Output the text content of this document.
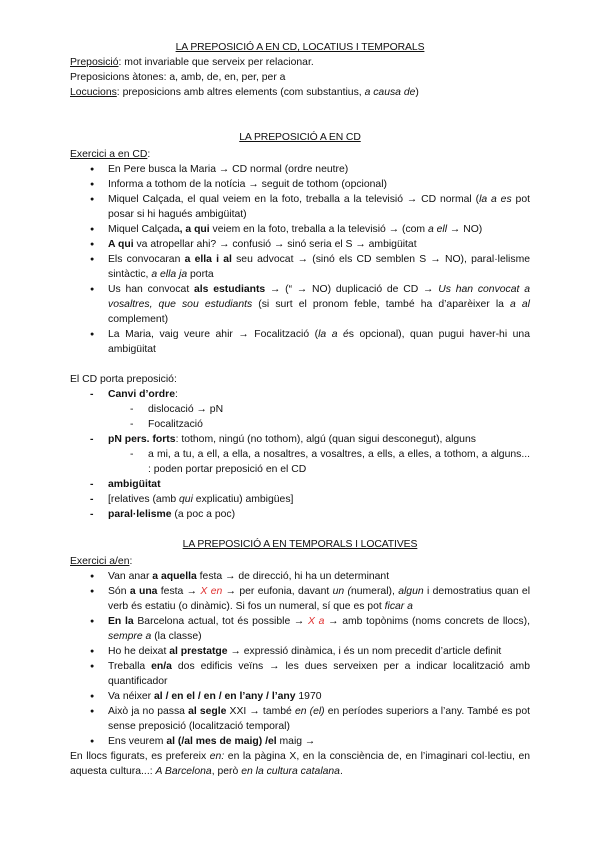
LA PREPOSICIÓ A EN CD, LOCATIUS I TEMPORALS
Preposició: mot invariable que serveix per relacionar.
Preposicions àtones: a, amb, de, en, per, per a
Locucions: preposicions amb altres elements (com substantius, a causa de)
LA PREPOSICIÓ A EN CD
Exercici a en CD:
● En Pere busca la Maria → CD normal (ordre neutre)
● Informa a tothom de la notícia → seguit de tothom (opcional)
● Miquel Calçada, el qual veiem en la foto, treballa a la televisió → CD normal (la a es pot posar si hi hagués ambigüitat)
● Miquel Calçada, a qui veiem en la foto, treballa a la televisió → (com a ell → NO)
● A qui va atropellar ahi? → confusió → sinó seria el S → ambigüitat
● Els convocaran a ella i al seu advocat → (sinó els CD semblen S → NO), paral·lelisme sintàctic, a ella ja porta
● Us han convocat als estudiants → (“ → NO) duplicació de CD → Us han convocat a vosaltres, que sou estudiants (si surt el pronom feble, també ha d’aparèixer la a al complement)
● La Maria, vaig veure ahir → Focalització (la a és opcional), quan pugui haver-hi una ambigüitat
El CD porta preposició:
- Canvi d’ordre:
- dislocació → pN
- Focalització
- pN pers. forts: tothom, ningú (no tothom), algú (quan sigui desconegut), alguns
- a mi, a tu, a ell, a ella, a nosaltres, a vosaltres, a ells, a elles, a tothom, a alguns... : poden portar preposició en el CD
- ambigüitat
- [relatives (amb qui explicatiu) ambigües]
- paral·lelisme (a poc a poc)
LA PREPOSICIÓ A EN TEMPORALS I LOCATIVES
Exercici a/en:
● Van anar a aquella festa → de direcció, hi ha un determinant
● Són a una festa → X en → per eufonia, davant un (numeral), algun i demostratius quan el verb és estatiu (o dinàmic). Si fos un numeral, sí que es pot ficar a
● En la Barcelona actual, tot és possible → X a → amb topònims (noms concrets de llocs), sempre a (la classe)
● Ho he deixat al prestatge → expressió dinàmica, i és un nom precedit d’article definit
● Treballa en/a dos edificis veïns → les dues serveixen per a indicar localització amb quantificador
● Va néixer al / en el / en / en l’any / l’any 1970
● Això ja no passa al segle XXI → també en (el) en períodes superiors a l’any. També es pot sense preposició (localització temporal)
● Ens veurem al (/al mes de maig) /el maig →
En llocs figurats, es prefereix en: en la pàgina X, en la consciència de, en l’imaginari col·lectiu, en aquesta cultura...: A Barcelona, però en la cultura catalana.
